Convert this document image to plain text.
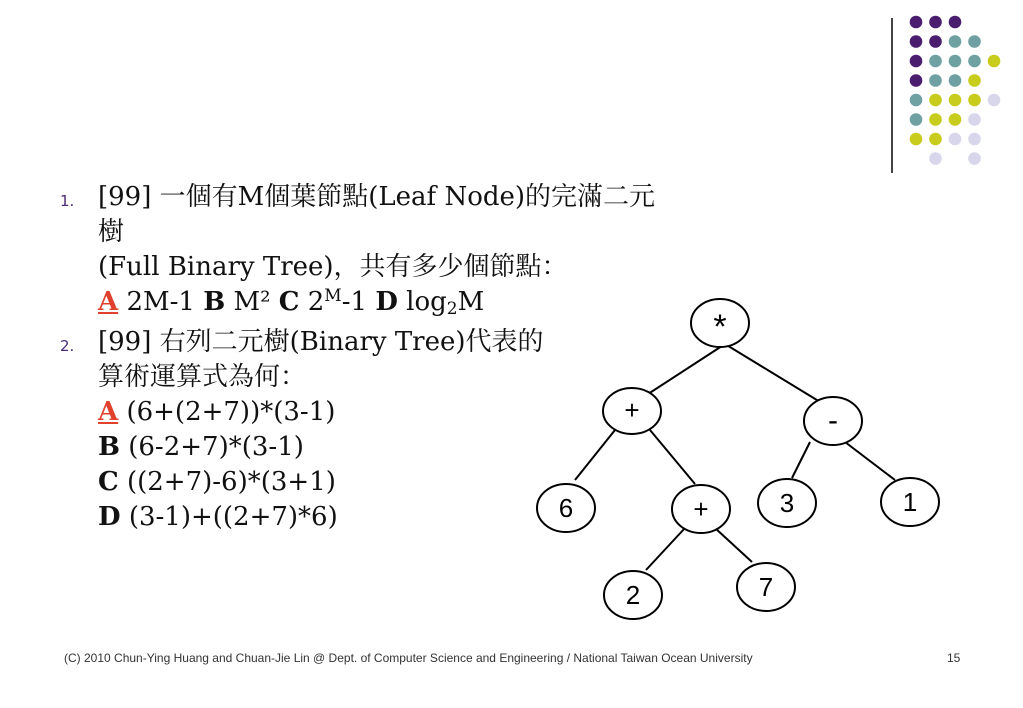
1. [99] 一個有M個葉節點(Leaf Node)的完滿二元樹
(Full Binary Tree)，共有多少個節點：
A 2M-1 B M² C $2^M-1$ D $\log_2M$
2. [99] 右列二元樹(Binary Tree)代表的
算術運算式為何：
A (6+(2+7))*(3-1)
B (6-2+7)*(3-1)
C ((2+7)-6)*(3+1)
D (3-1)+((2+7)*6)
*
+	-
6	+	3	1
2	7
(C) 2010 Chun-Ying Huang and Chuan-Jie Lin @ Dept. of Computer Science and Engineering / National Taiwan Ocean University	15
